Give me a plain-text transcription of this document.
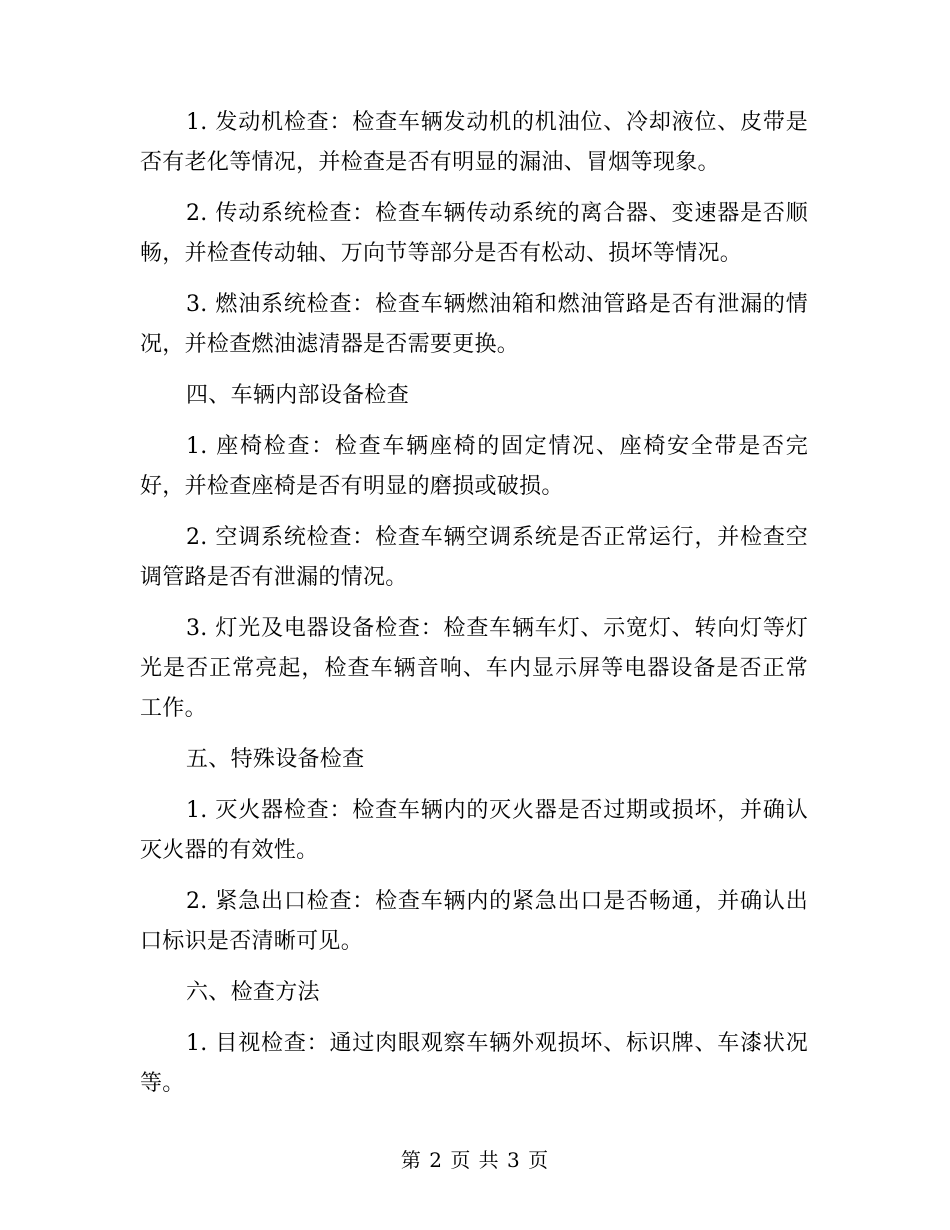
1. 发动机检查：检查车辆发动机的机油位、冷却液位、皮带是否有老化等情况，并检查是否有明显的漏油、冒烟等现象。

2. 传动系统检查：检查车辆传动系统的离合器、变速器是否顺畅，并检查传动轴、万向节等部分是否有松动、损坏等情况。

3. 燃油系统检查：检查车辆燃油箱和燃油管路是否有泄漏的情况，并检查燃油滤清器是否需要更换。

四、车辆内部设备检查

1. 座椅检查：检查车辆座椅的固定情况、座椅安全带是否完好，并检查座椅是否有明显的磨损或破损。

2. 空调系统检查：检查车辆空调系统是否正常运行，并检查空调管路是否有泄漏的情况。

3. 灯光及电器设备检查：检查车辆车灯、示宽灯、转向灯等灯光是否正常亮起，检查车辆音响、车内显示屏等电器设备是否正常工作。

五、特殊设备检查

1. 灭火器检查：检查车辆内的灭火器是否过期或损坏，并确认灭火器的有效性。

2. 紧急出口检查：检查车辆内的紧急出口是否畅通，并确认出口标识是否清晰可见。

六、检查方法

1. 目视检查：通过肉眼观察车辆外观损坏、标识牌、车漆状况等。

第 2 页 共 3 页
